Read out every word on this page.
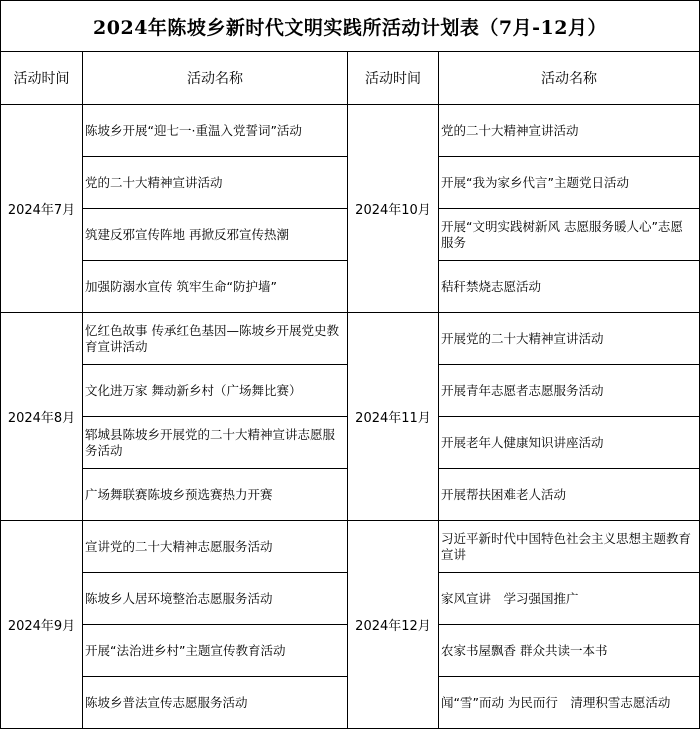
2024年陈坡乡新时代文明实践所活动计划表（7月-12月）			
活动时间	活动名称	活动时间	活动名称
2024年7月	陈坡乡开展“迎七一·重温入党誓词”活动	2024年10月	党的二十大精神宣讲活动
	党的二十大精神宣讲活动		开展“我为家乡代言”主题党日活动
	筑建反邪宣传阵地 再掀反邪宣传热潮		开展“文明实践树新风 志愿服务暖人心”志愿服务
	加强防溺水宣传 筑牢生命“防护墙”		秸秆禁烧志愿活动
2024年8月	忆红色故事 传承红色基因—陈坡乡开展党史教育宣讲活动	2024年11月	开展党的二十大精神宣讲活动
	文化进万家 舞动新乡村（广场舞比赛）		开展青年志愿者志愿服务活动
	郓城县陈坡乡开展党的二十大精神宣讲志愿服务活动		开展老年人健康知识讲座活动
	广场舞联赛陈坡乡预选赛热力开赛		开展帮扶困难老人活动
2024年9月	宣讲党的二十大精神志愿服务活动	2024年12月	习近平新时代中国特色社会主义思想主题教育宣讲
	陈坡乡人居环境整治志愿服务活动		家风宣讲　学习强国推广
	开展“法治进乡村”主题宣传教育活动		农家书屋飘香 群众共读一本书
	陈坡乡普法宣传志愿服务活动		闻“雪”而动 为民而行　清理积雪志愿活动
